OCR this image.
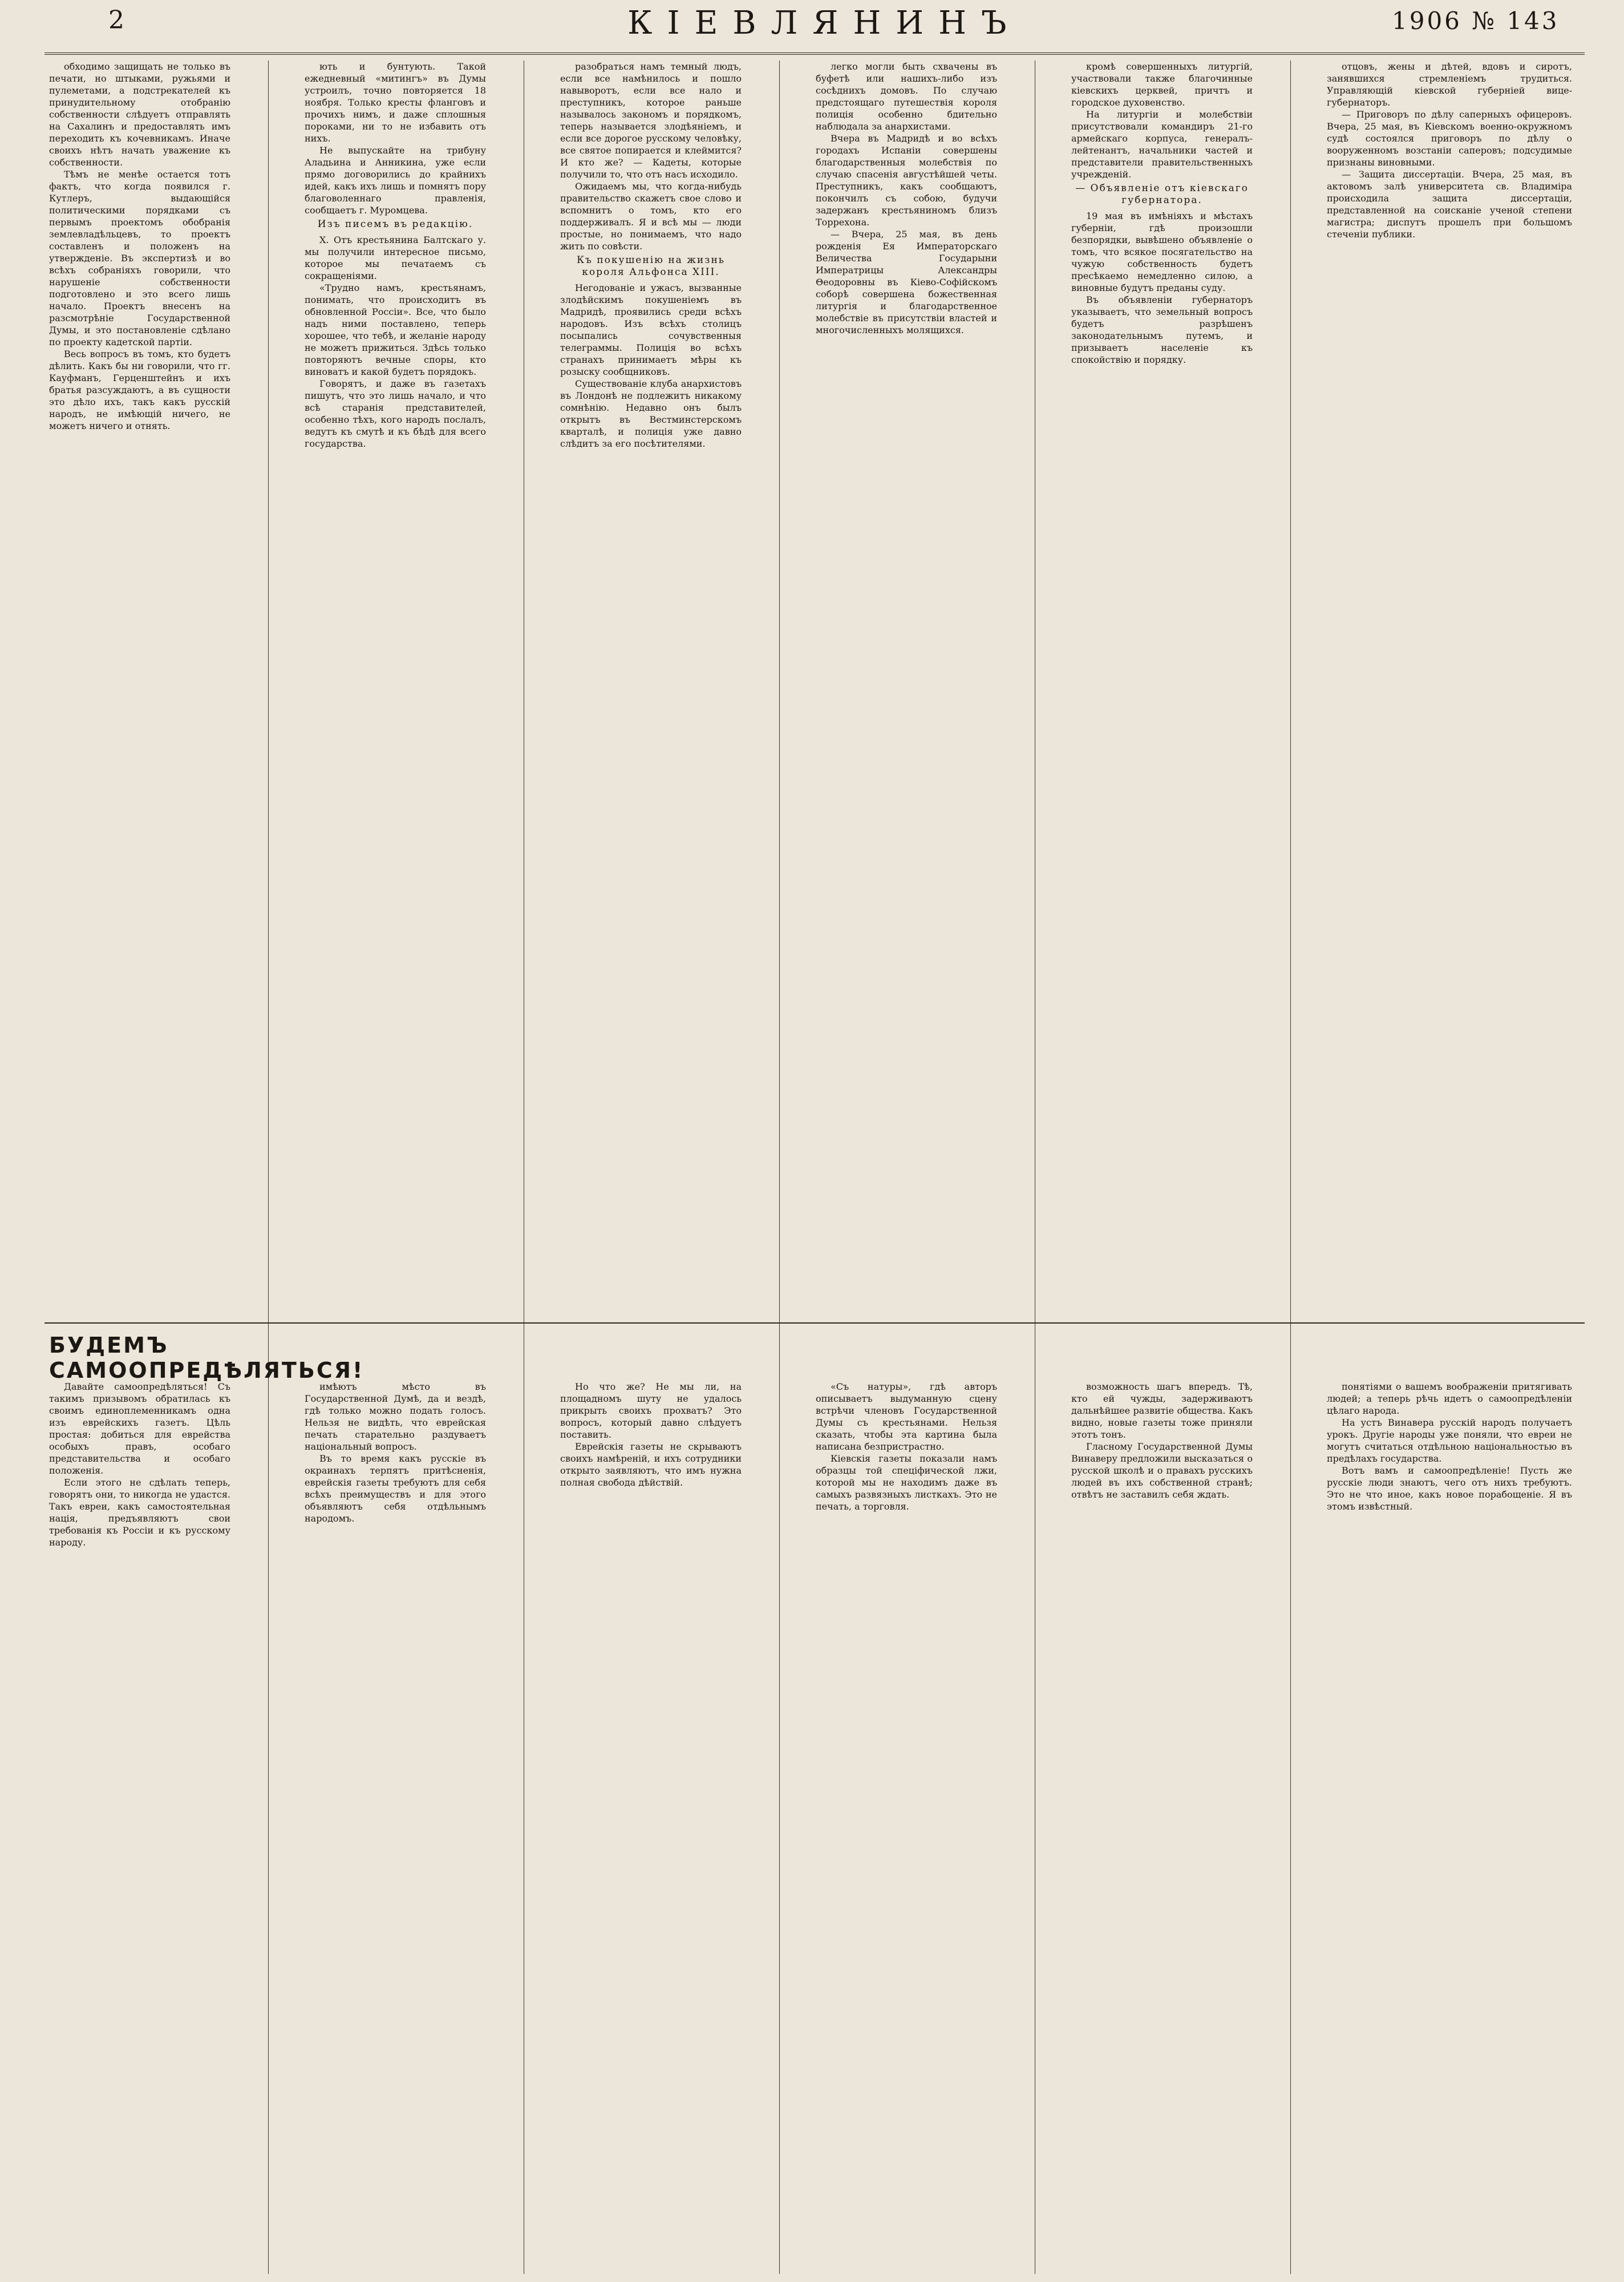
2	КІЕВЛЯНИНЪ	1906 № 143

обходимо защищать не только въ печати, но штыками, ружьями и пулеметами, а подстрекателей къ принудительному отобранію собственности слѣдуетъ отправлять на Сахалинъ и предоставлять имъ переходить къ кочевникамъ. Иначе своихъ нѣтъ начать уважение къ собственности.

Тѣмъ не менѣе остается тотъ фактъ, что когда появился г. Кутлеръ, выдающійся политическими порядками съ первымъ проектомъ обобранія землевладѣльцевъ, то проектъ составленъ и положенъ на утвержденіе. Въ экспертизѣ и во всѣхъ собраніяхъ говорили, что нарушеніе собственности подготовлено и это всего лишь начало. Проектъ внесенъ на разсмотрѣніе Государственной Думы, и это постановленіе сдѣлано по проекту кадетской партіи.

Весь вопросъ въ томъ, кто будетъ дѣлить. Какъ бы ни говорили, что гг. Кауфманъ, Герценштейнъ и ихъ братья разсуждаютъ, а въ сущности это дѣло ихъ, такъ какъ русскій народъ, не имѣющій ничего, не можетъ ничего и отнять.

ють и бунтують. Такой ежедневный «митингъ» въ Думы устроилъ, точно повторяется 18 ноября. Только кресты фланговъ и прочихъ нимъ, и даже сплошныя пороками, ни то не избавить отъ нихъ.

Не выпускайте на трибуну Аладьина и Анникина, уже если прямо договорились до крайнихъ идей, какъ ихъ лишь и помнятъ пору благоволеннаго правленія, сообщаетъ г. Муромцева.

Изъ писемъ въ редакцію.

X. Отъ крестьянина Балтскаго у. мы получили интересное письмо, которое мы печатаемъ съ сокращеніями.

«Трудно намъ, крестьянамъ, понимать, что происходитъ въ обновленной Россіи». Все, что было надъ ними поставлено, теперь хорошее, что тебѣ, и желаніе народу не можетъ прижиться. Здѣсь только повторяютъ вечные споры, кто виноватъ и какой будетъ порядокъ.

Говорятъ, и даже въ газетахъ пишутъ, что это лишь начало, и что всѣ старанія представителей, особенно тѣхъ, кого народъ послалъ, ведутъ къ смутѣ и къ бѣдѣ для всего государства.

разобраться намъ темный людъ, если все намѣнилось и пошло навыворотъ, если все нало и преступникъ, которое раньше называлось закономъ и порядкомъ, теперь называется злодѣяніемъ, и если все дорогое русскому человѣку, все святое попирается и клеймится? И кто же? — Кадеты, которые получили то, что отъ насъ исходило.

Ожидаемъ мы, что когда-нибудь правительство скажетъ свое слово и вспомнитъ о томъ, кто его поддерживалъ. Я и всѣ мы — люди простые, но понимаемъ, что надо жить по совѣсти.

Къ покушенію на жизнь короля Альфонса XIII.

Негодованіе и ужасъ, вызванные злодѣйскимъ покушеніемъ въ Мадридѣ, проявились среди всѣхъ народовъ. Изъ всѣхъ столицъ посыпались сочувственныя телеграммы. Полиція во всѣхъ странахъ принимаетъ мѣры къ розыску сообщниковъ.

Существованіе клуба анархистовъ въ Лондонѣ не подлежитъ никакому сомнѣнію. Недавно онъ былъ открытъ въ Вестминстерскомъ кварталѣ, и полиція уже давно слѣдитъ за его посѣтителями.

легко могли быть схвачены въ буфетѣ или нашихъ-либо изъ сосѣднихъ домовъ. По случаю предстоящаго путешествія короля полиція особенно бдительно наблюдала за анархистами.

Вчера въ Мадридѣ и во всѣхъ городахъ Испаніи совершены благодарственныя молебствія по случаю спасенія августѣйшей четы. Преступникъ, какъ сообщаютъ, покончилъ съ собою, будучи задержанъ крестьяниномъ близъ Торрехона.

— Вчера, 25 мая, въ день рожденія Ея Императорскаго Величества Государыни Императрицы Александры Θеодоровны въ Кіево-Софійскомъ соборѣ совершена божественная литургія и благодарственное молебствіе въ присутствіи властей и многочисленныхъ молящихся.

кромѣ совершенныхъ литургій, участвовали также благочинные кіевскихъ церквей, причтъ и городское духовенство.

На литургіи и молебствіи присутствовали командиръ 21-го армейскаго корпуса, генералъ-лейтенантъ, начальники частей и представители правительственныхъ учрежденій.

— Объявленіе отъ кіевскаго губернатора.

19 мая въ имѣніяхъ и мѣстахъ губерніи, гдѣ произошли безпорядки, вывѣшено объявленіе о томъ, что всякое посягательство на чужую собственность будетъ пресѣкаемо немедленно силою, а виновные будутъ преданы суду.

Въ объявленіи губернаторъ указываетъ, что земельный вопросъ будетъ разрѣшенъ законодательнымъ путемъ, и призываетъ населеніе къ спокойствію и порядку.

отцовъ, жены и дѣтей, вдовъ и сиротъ, занявшихся стремленіемъ трудиться. Управляющій кіевской губерніей вице-губернаторъ.

— Приговоръ по дѣлу саперныхъ офицеровъ. Вчера, 25 мая, въ Кіевскомъ военно-окружномъ судѣ состоялся приговоръ по дѣлу о вооруженномъ возстаніи саперовъ; подсудимые признаны виновными.

— Защита диссертаціи. Вчера, 25 мая, въ актовомъ залѣ университета св. Владиміра происходила защита диссертаціи, представленной на соисканіе ученой степени магистра; диспутъ прошелъ при большомъ стеченіи публики.

БУДЕМЪ САМООПРЕДѢЛЯТЬСЯ!

Давайте самоопредѣляться! Съ такимъ призывомъ обратилась къ своимъ единоплеменникамъ одна изъ еврейскихъ газетъ. Цѣль простая: добиться для еврейства особыхъ правъ, особаго представительства и особаго положенія.

Если этого не сдѣлать теперь, говорятъ они, то никогда не удастся. Такъ евреи, какъ самостоятельная нація, предъявляютъ свои требованія къ Россіи и къ русскому народу.

имѣютъ мѣсто въ Государственной Думѣ, да и вездѣ, гдѣ только можно подать голосъ. Нельзя не видѣть, что еврейская печать старательно раздуваетъ національный вопросъ.

Въ то время какъ русскіе въ окраинахъ терпятъ притѣсненія, еврейскія газеты требуютъ для себя всѣхъ преимуществъ и для этого объявляютъ себя отдѣльнымъ народомъ.

Но что же? Не мы ли, на площадномъ шуту не удалось прикрыть своихъ прохватъ? Это вопросъ, который давно слѣдуетъ поставить.

Еврейскія газеты не скрываютъ своихъ намѣреній, и ихъ сотрудники открыто заявляютъ, что имъ нужна полная свобода дѣйствій.

«Съ натуры», гдѣ авторъ описываетъ выдуманную сцену встрѣчи членовъ Государственной Думы съ крестьянами. Нельзя сказать, чтобы эта картина была написана безпристрастно.

Кіевскія газеты показали намъ образцы той спеціфической лжи, которой мы не находимъ даже въ самыхъ развязныхъ листкахъ. Это не печать, а торговля.

возможность шагъ впередъ. Тѣ, кто ей чужды, задерживаютъ дальнѣйшее развитіе общества. Какъ видно, новые газеты тоже приняли этотъ тонъ.

Гласному Государственной Думы Винаверу предложили высказаться о русской школѣ и о правахъ русскихъ людей въ ихъ собственной странѣ; отвѣтъ не заставилъ себя ждать.

понятіями о вашемъ воображеніи притягивать людей; а теперь рѣчь идетъ о самоопредѣленіи цѣлаго народа.

На устъ Винавера русскій народъ получаетъ урокъ. Другіе народы уже поняли, что евреи не могутъ считаться отдѣльною національностью въ предѣлахъ государства.

Вотъ вамъ и самоопредѣленіе! Пусть же русскіе люди знаютъ, чего отъ нихъ требуютъ. Это не что иное, какъ новое порабощеніе. Я въ этомъ извѣстный.
